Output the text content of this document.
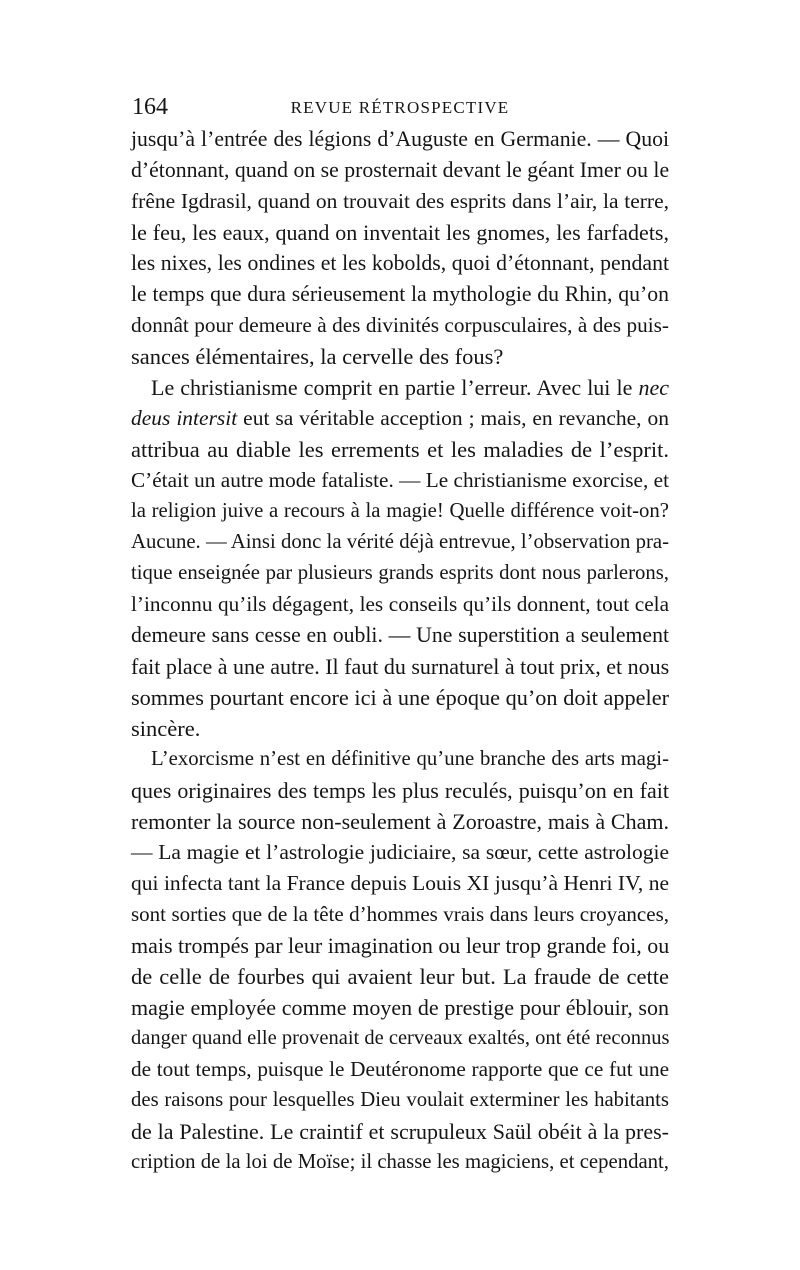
164	REVUE RÉTROSPECTIVE
jusqu’à l’entrée des légions d’Auguste en Germanie. — Quoi
d’étonnant, quand on se prosternait devant le géant Imer ou le
frêne Igdrasil, quand on trouvait des esprits dans l’air, la terre,
le feu, les eaux, quand on inventait les gnomes, les farfadets,
les nixes, les ondines et les kobolds, quoi d’étonnant, pendant
le temps que dura sérieusement la mythologie du Rhin, qu’on
donnât pour demeure à des divinités corpusculaires, à des puis-
sances élémentaires, la cervelle des fous?
Le christianisme comprit en partie l’erreur. Avec lui le nec
deus intersit eut sa véritable acception ; mais, en revanche, on
attribua au diable les errements et les maladies de l’esprit.
C’était un autre mode fataliste. — Le christianisme exorcise, et
la religion juive a recours à la magie! Quelle différence voit-on?
Aucune. — Ainsi donc la vérité déjà entrevue, l’observation pra-
tique enseignée par plusieurs grands esprits dont nous parlerons,
l’inconnu qu’ils dégagent, les conseils qu’ils donnent, tout cela
demeure sans cesse en oubli. — Une superstition a seulement
fait place à une autre. Il faut du surnaturel à tout prix, et nous
sommes pourtant encore ici à une époque qu’on doit appeler
sincère.
L’exorcisme n’est en définitive qu’une branche des arts magi-
ques originaires des temps les plus reculés, puisqu’on en fait
remonter la source non-seulement à Zoroastre, mais à Cham.
— La magie et l’astrologie judiciaire, sa sœur, cette astrologie
qui infecta tant la France depuis Louis XI jusqu’à Henri IV, ne
sont sorties que de la tête d’hommes vrais dans leurs croyances,
mais trompés par leur imagination ou leur trop grande foi, ou
de celle de fourbes qui avaient leur but. La fraude de cette
magie employée comme moyen de prestige pour éblouir, son
danger quand elle provenait de cerveaux exaltés, ont été reconnus
de tout temps, puisque le Deutéronome rapporte que ce fut une
des raisons pour lesquelles Dieu voulait exterminer les habitants
de la Palestine. Le craintif et scrupuleux Saül obéit à la pres-
cription de la loi de Moïse; il chasse les magiciens, et cependant,
